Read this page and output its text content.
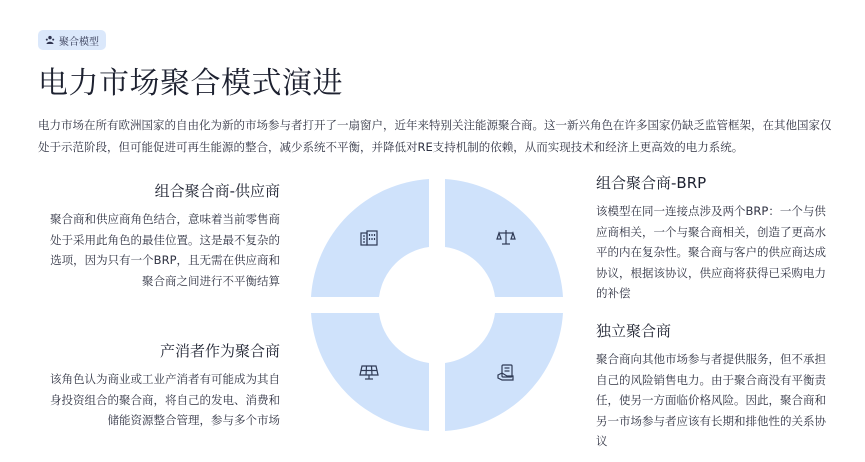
聚合模型
电力市场聚合模式演进

电力市场在所有欧洲国家的自由化为新的市场参与者打开了一扇窗户，近年来特别关注能源聚合商。这一新兴角色在许多国家仍缺乏监管框架，在其他国家仅处于示范阶段，但可能促进可再生能源的整合，减少系统不平衡，并降低对RE支持机制的依赖，从而实现技术和经济上更高效的电力系统。

组合聚合商-供应商

聚合商和供应商角色结合，意味着当前零售商处于采用此角色的最佳位置。这是最不复杂的选项，因为只有一个BRP，且无需在供应商和聚合商之间进行不平衡结算

组合聚合商-BRP

该模型在同一连接点涉及两个BRP：一个与供应商相关，一个与聚合商相关，创造了更高水平的内在复杂性。聚合商与客户的供应商达成协议，根据该协议，供应商将获得已采购电力的补偿

产消者作为聚合商

该角色认为商业或工业产消者有可能成为其自身投资组合的聚合商，将自己的发电、消费和储能资源整合管理，参与多个市场

独立聚合商

聚合商向其他市场参与者提供服务，但不承担自己的风险销售电力。由于聚合商没有平衡责任，使另一方面临价格风险。因此，聚合商和另一市场参与者应该有长期和排他性的关系协议
